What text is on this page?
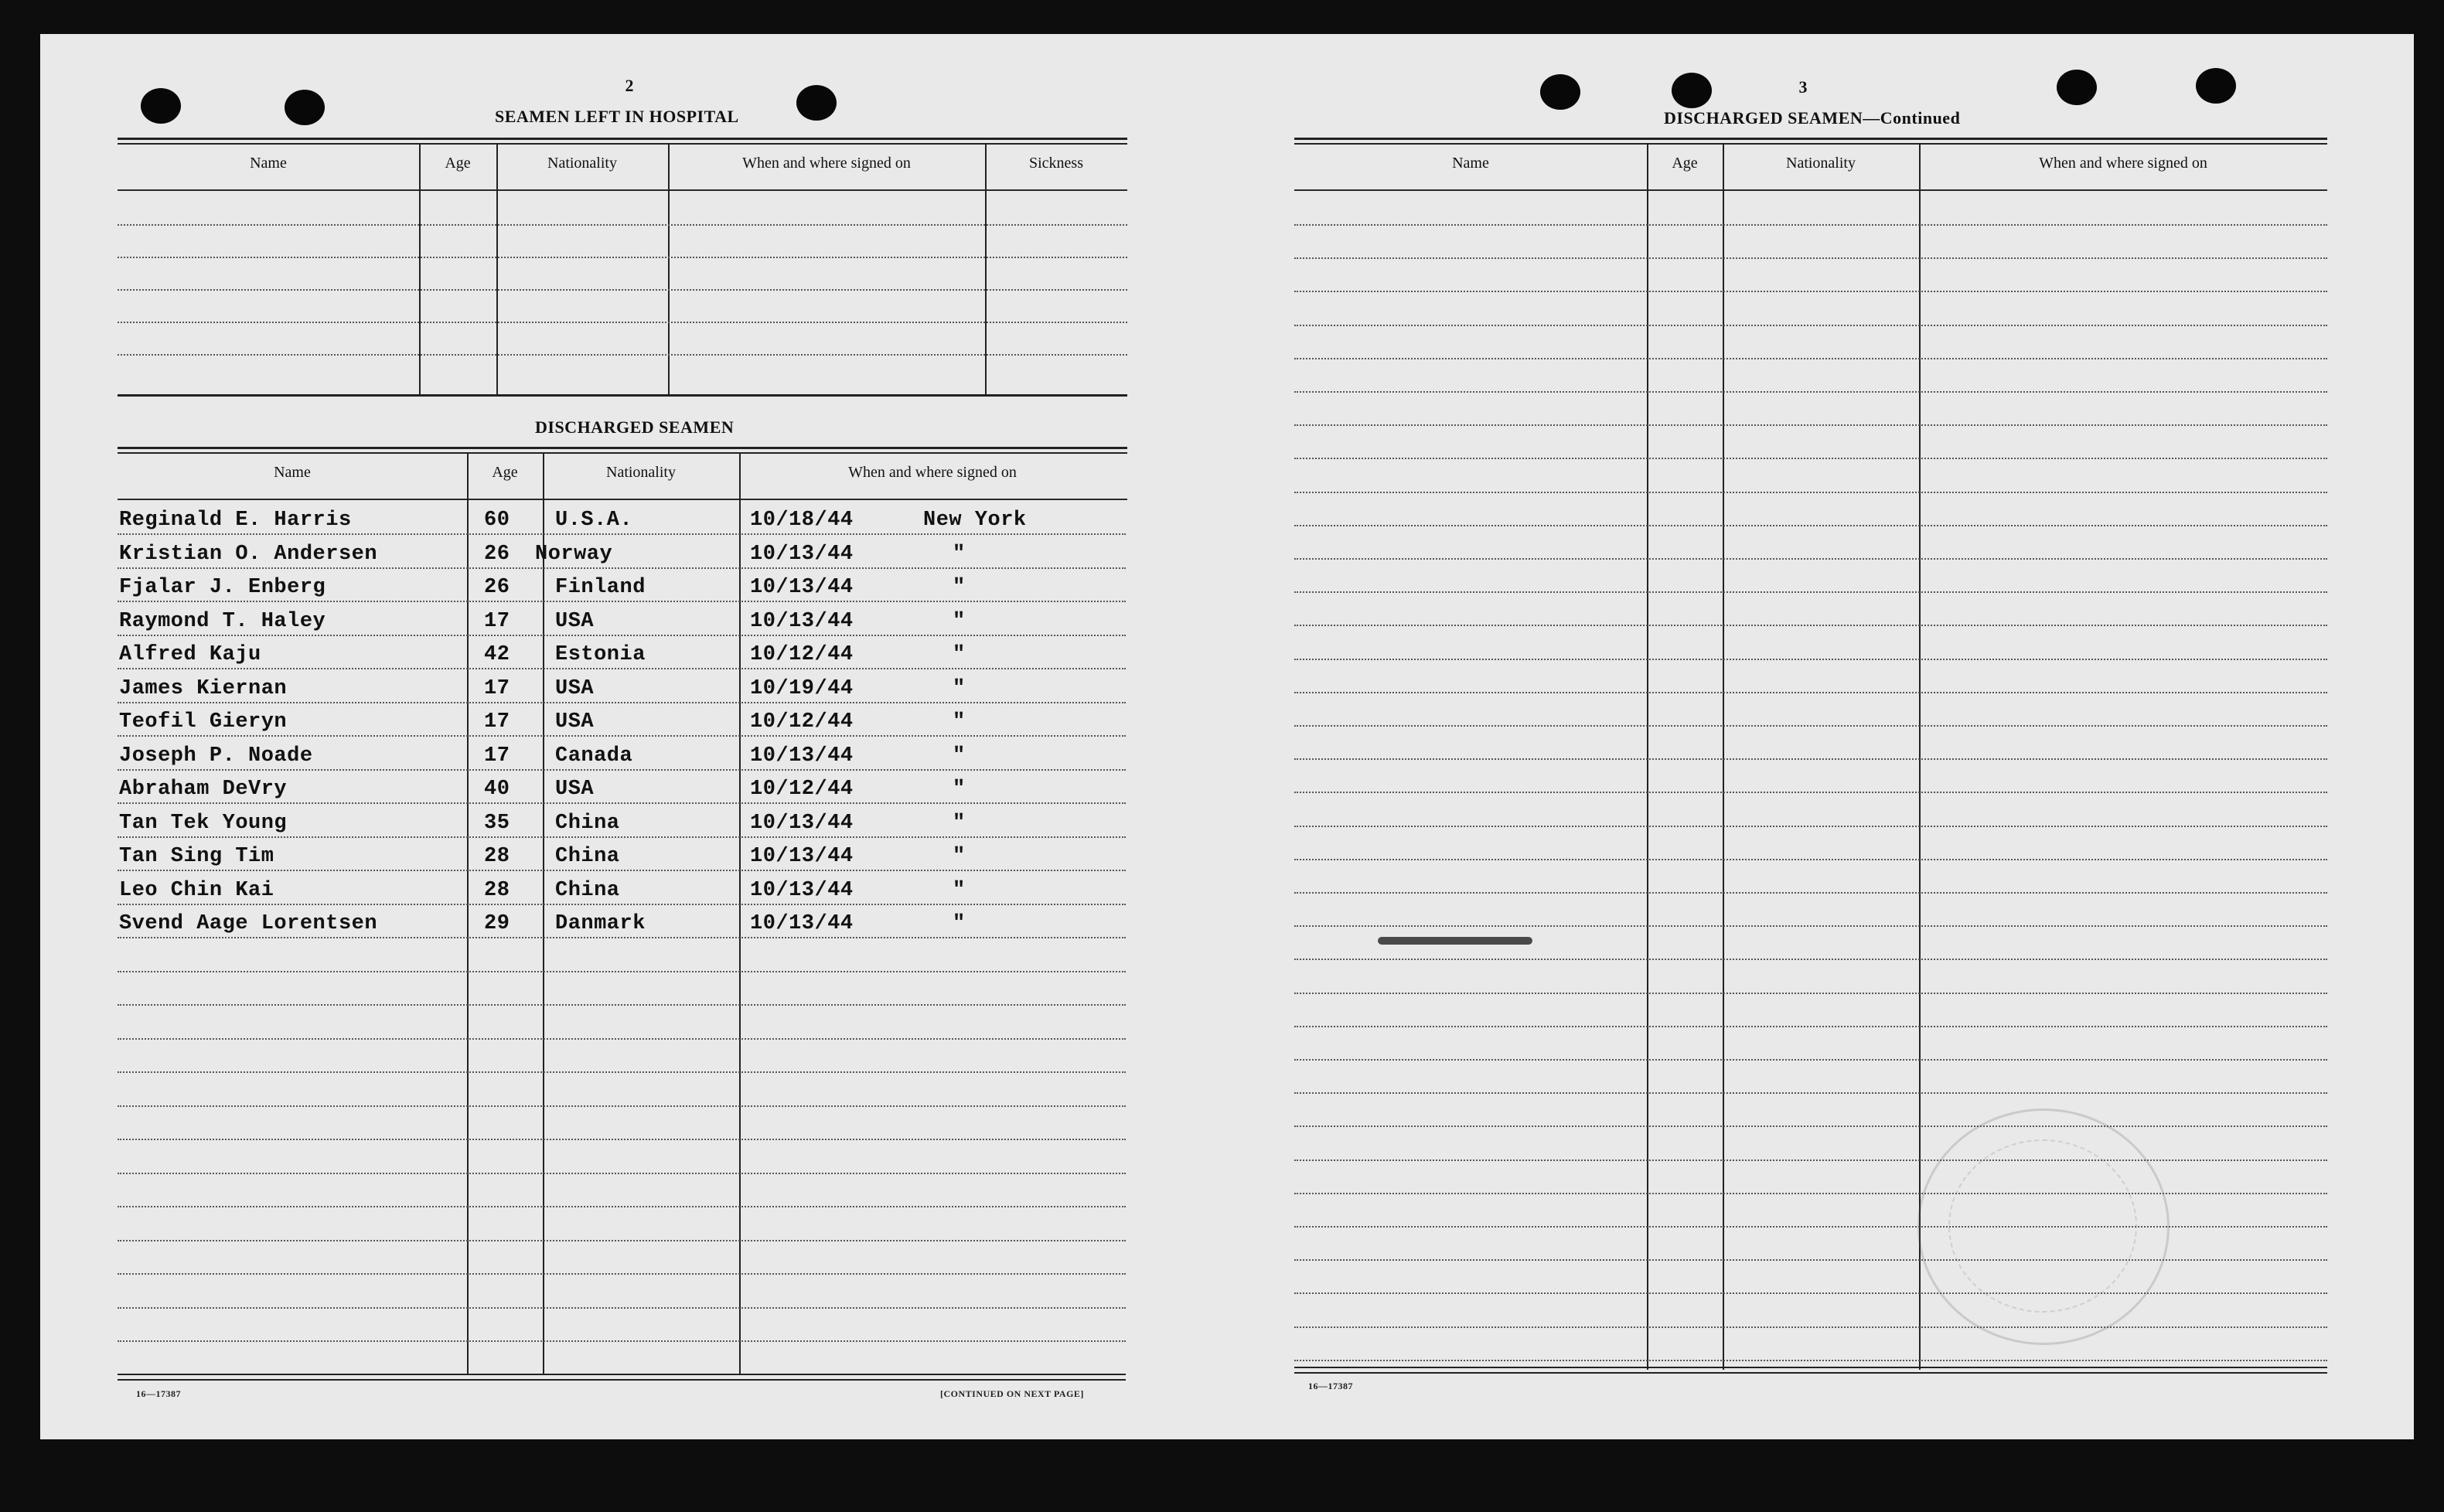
2
SEAMEN LEFT IN HOSPITAL
Name	Age	Nationality	When and where signed on	Sickness
DISCHARGED SEAMEN
Name	Age	Nationality	When and where signed on
Reginald E. Harris	60 U.S.A.	10/18/44	New York
Kristian O. Andersen	26 Norway	10/13/44	"
Fjalar J. Enberg	26 Finland	10/13/44	"
Raymond T. Haley	17 USA	10/13/44	"
Alfred Kaju	42 Estonia	10/12/44	"
James Kiernan	17 USA	10/19/44	"
Teofil Gieryn	17 USA	10/12/44	"
Joseph P. Noade	17 Canada	10/13/44	"
Abraham DeVry	40 USA	10/12/44	"
Tan Tek Young	35 China	10/13/44	"
Tan Sing Tim	28 China	10/13/44	"
Leo Chin Kai	28 China	10/13/44	"
Svend Aage Lorentsen	29 Danmark	10/13/44	"
16—17387	[CONTINUED ON NEXT PAGE]
3
DISCHARGED SEAMEN—Continued
Name	Age	Nationality	When and where signed on
16—17387
